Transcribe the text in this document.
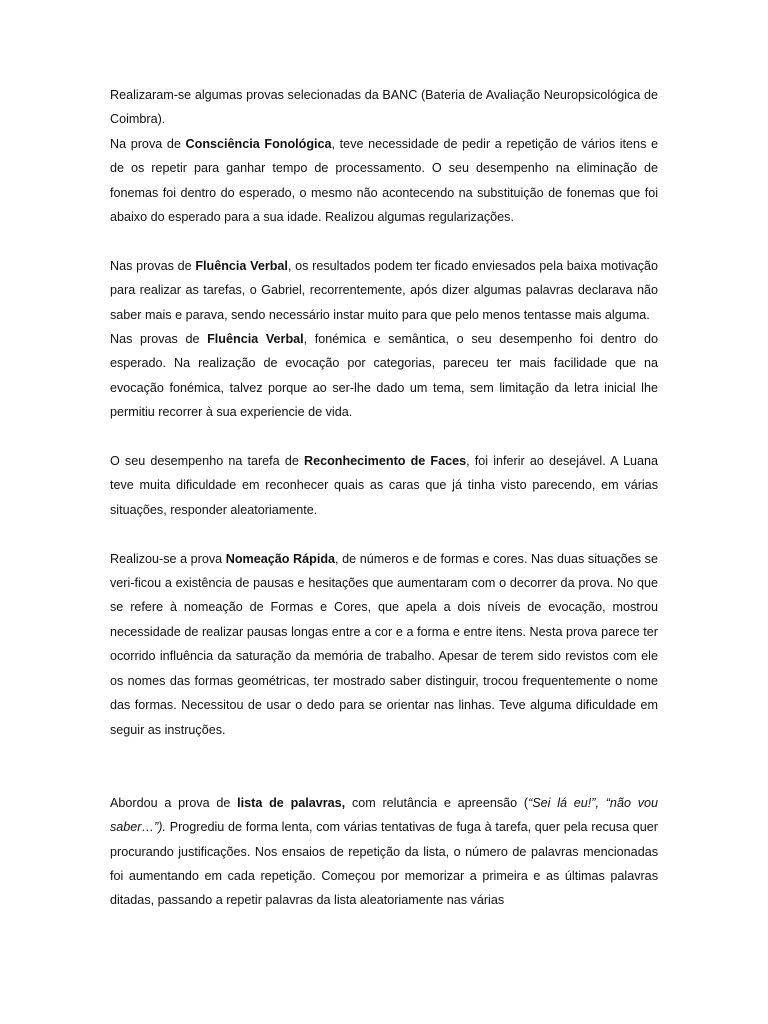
Realizaram-se algumas provas selecionadas da BANC (Bateria de Avaliação Neuropsicológica de Coimbra).

Na prova de Consciência Fonológica, teve necessidade de pedir a repetição de vários itens e de os repetir para ganhar tempo de processamento. O seu desempenho na eliminação de fonemas foi dentro do esperado, o mesmo não acontecendo na substituição de fonemas que foi abaixo do esperado para a sua idade. Realizou algumas regularizações.

Nas provas de Fluência Verbal, os resultados podem ter ficado enviesados pela baixa motivação para realizar as tarefas, o Gabriel, recorrentemente, após dizer algumas palavras declarava não saber mais e parava, sendo necessário instar muito para que pelo menos tentasse mais alguma.

Nas provas de Fluência Verbal, fonémica e semântica, o seu desempenho foi dentro do esperado. Na realização de evocação por categorias, pareceu ter mais facilidade que na evocação fonémica, talvez porque ao ser-lhe dado um tema, sem limitação da letra inicial lhe permitiu recorrer à sua experiencie de vida.

O seu desempenho na tarefa de Reconhecimento de Faces, foi inferir ao desejável. A Luana teve muita dificuldade em reconhecer quais as caras que já tinha visto parecendo, em várias situações, responder aleatoriamente.

Realizou-se a prova Nomeação Rápida, de números e de formas e cores. Nas duas situações se veri-ficou a existência de pausas e hesitações que aumentaram com o decorrer da prova. No que se refere à nomeação de Formas e Cores, que apela a dois níveis de evocação, mostrou necessidade de realizar pausas longas entre a cor e a forma e entre itens. Nesta prova parece ter ocorrido influência da saturação da memória de trabalho. Apesar de terem sido revistos com ele os nomes das formas geométricas, ter mostrado saber distinguir, trocou frequentemente o nome das formas. Necessitou de usar o dedo para se orientar nas linhas. Teve alguma dificuldade em seguir as instruções.

Abordou a prova de lista de palavras, com relutância e apreensão (“Sei lá eu!”, “não vou saber…”). Progrediu de forma lenta, com várias tentativas de fuga à tarefa, quer pela recusa quer procurando justificações. Nos ensaios de repetição da lista, o número de palavras mencionadas foi aumentando em cada repetição. Começou por memorizar a primeira e as últimas palavras ditadas, passando a repetir palavras da lista aleatoriamente nas várias
